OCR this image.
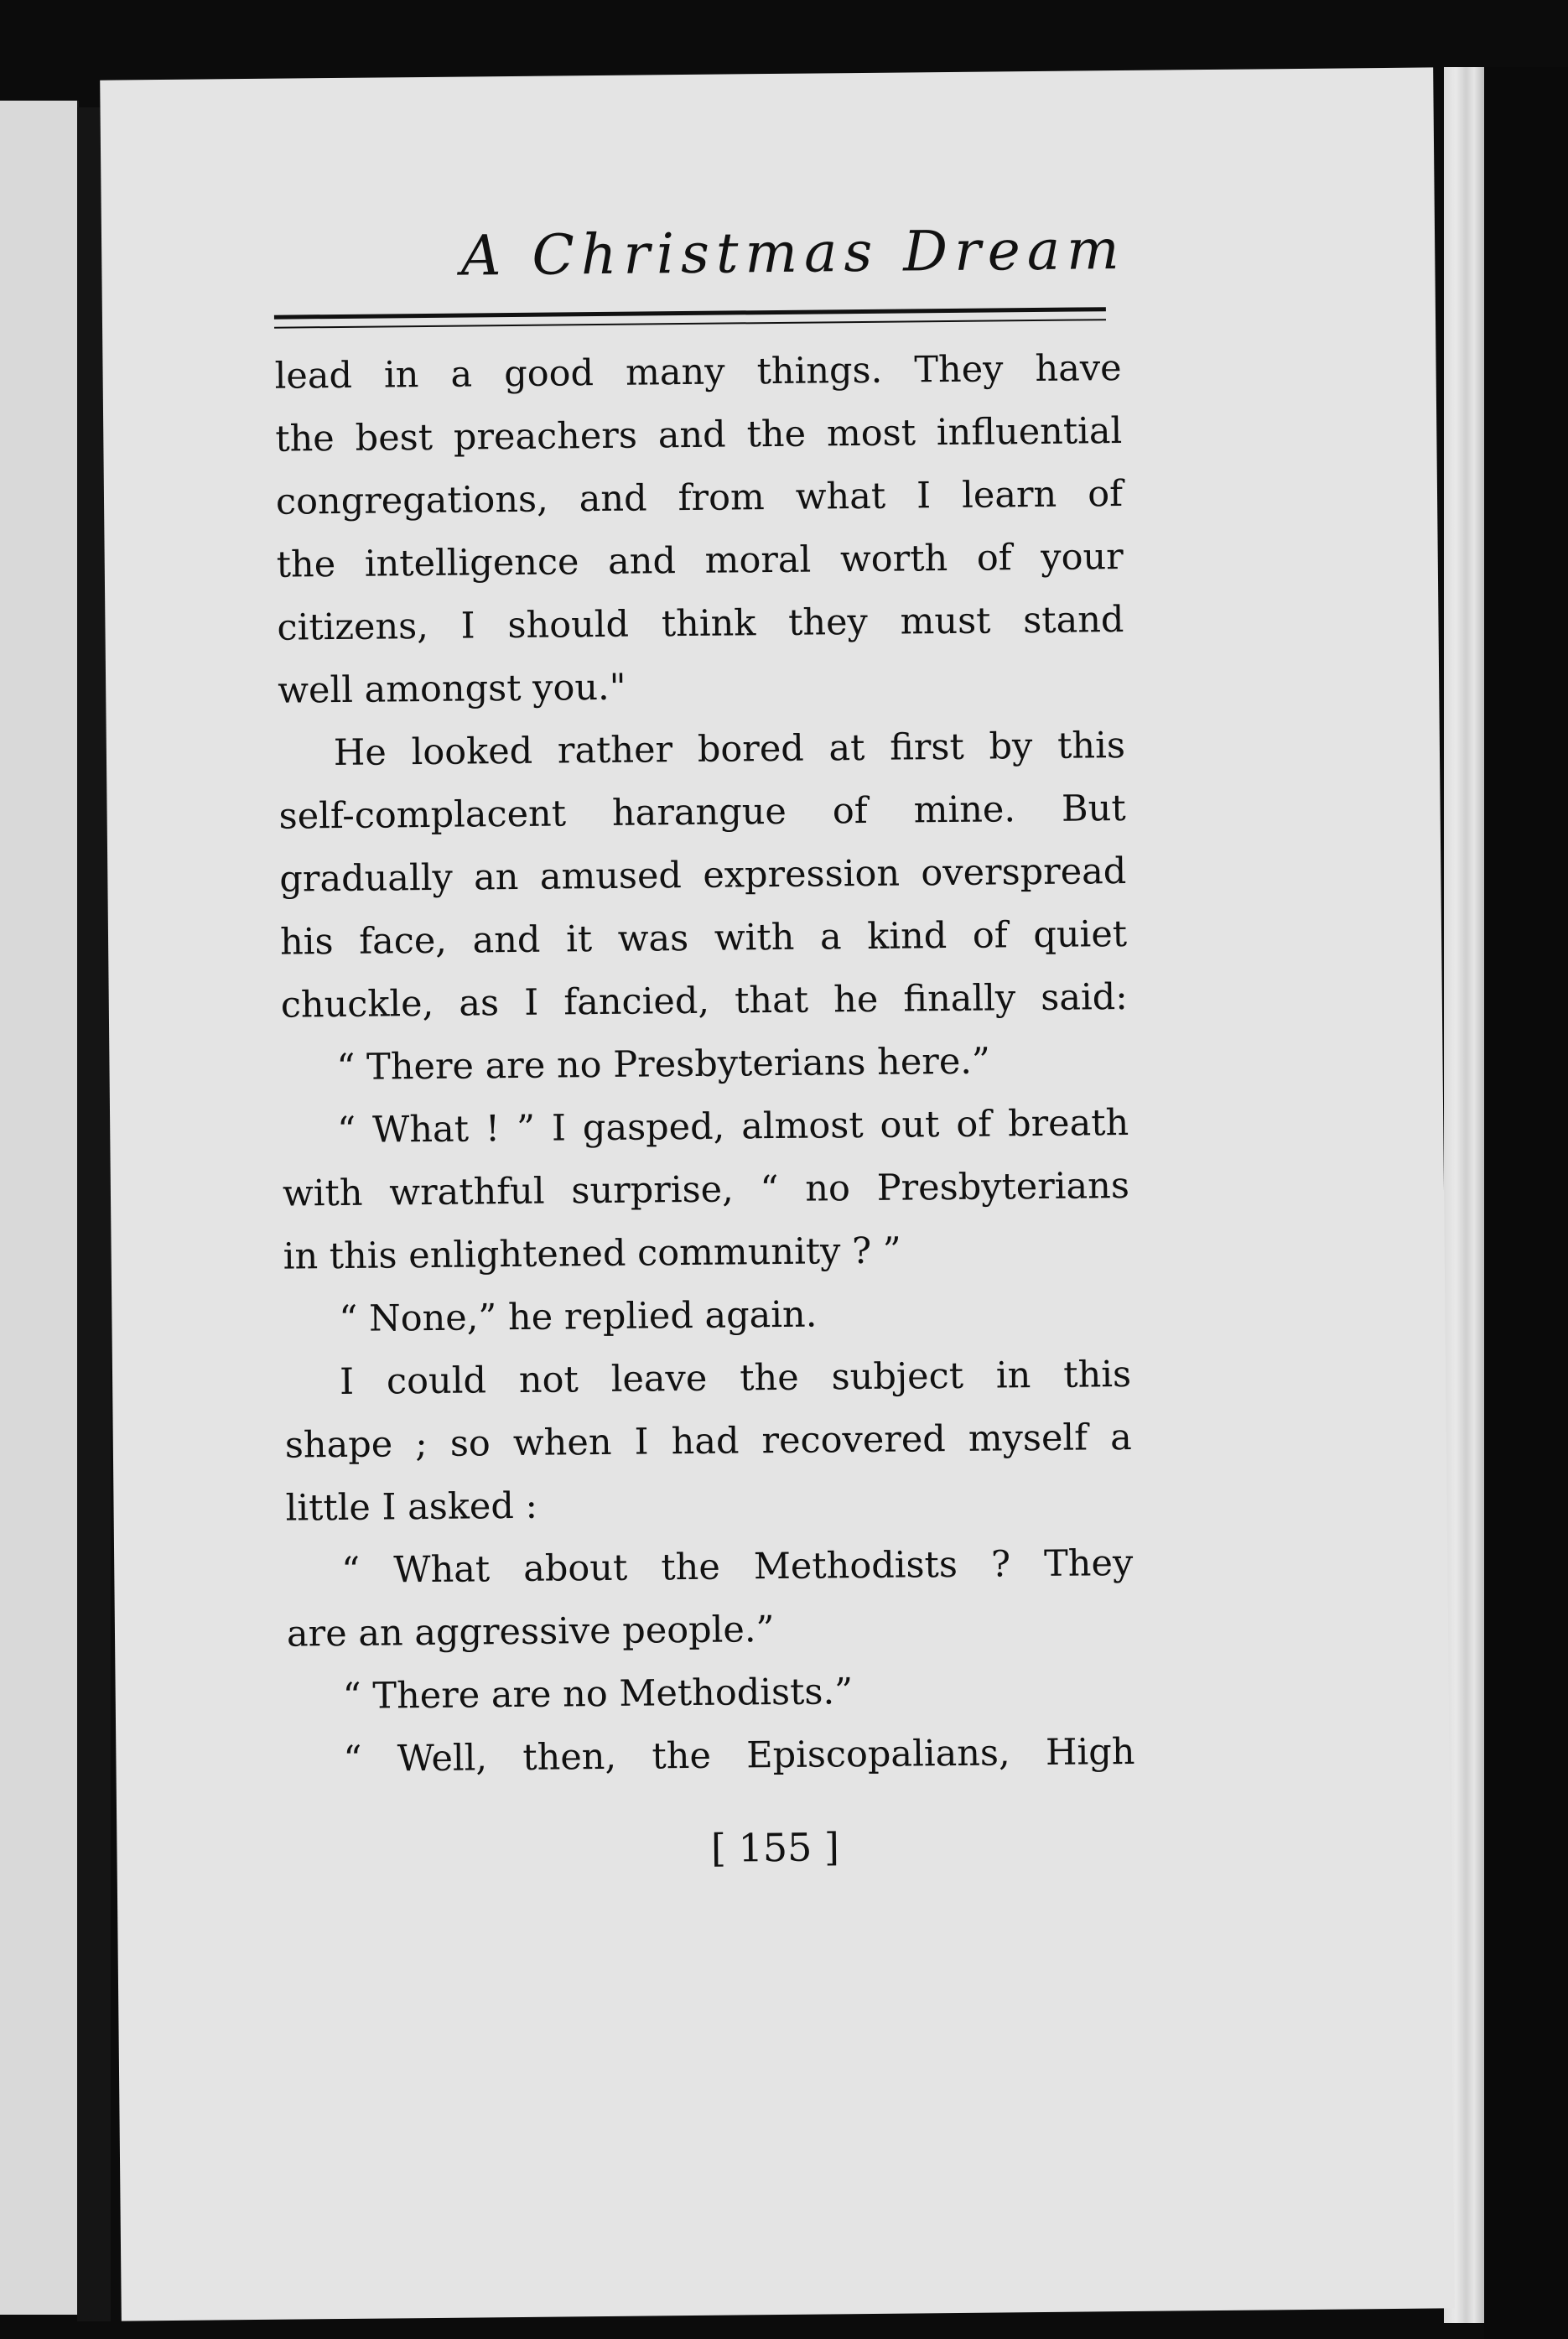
A Christmas Dream
lead in a good many things. They have
the best preachers and the most influential
congregations, and from what I learn of
the intelligence and moral worth of your
citizens, I should think they must stand
well amongst you."
He looked rather bored at first by this
self-complacent harangue of mine. But
gradually an amused expression overspread
his face, and it was with a kind of quiet
chuckle, as I fancied, that he finally said:
“ There are no Presbyterians here.”
“ What ! ” I gasped, almost out of breath
with wrathful surprise, “ no Presbyterians
in this enlightened community ? ”
“ None,” he replied again.
I could not leave the subject in this
shape ; so when I had recovered myself a
little I asked :
“ What about the Methodists ? They
are an aggressive people.”
“ There are no Methodists.”
“ Well, then, the Episcopalians, High
[ 155 ]
